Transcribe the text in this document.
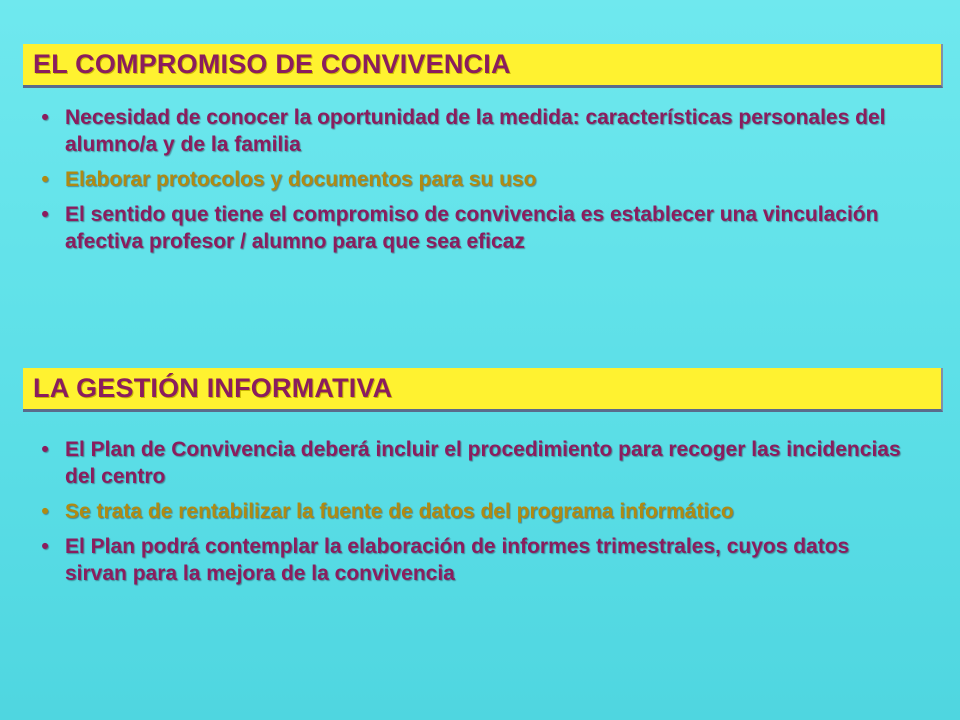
EL COMPROMISO DE CONVIVENCIA
• Necesidad de conocer la oportunidad de la medida: características personales del alumno/a y de la familia
• Elaborar protocolos y documentos para su uso
• El sentido que tiene el compromiso de convivencia es establecer una vinculación afectiva profesor / alumno para que sea eficaz
LA GESTIÓN INFORMATIVA
• El Plan de Convivencia deberá incluir el procedimiento para recoger las incidencias del centro
• Se trata de rentabilizar la fuente de datos del programa informático
• El Plan podrá contemplar la elaboración de informes trimestrales, cuyos datos sirvan para la mejora de la convivencia
